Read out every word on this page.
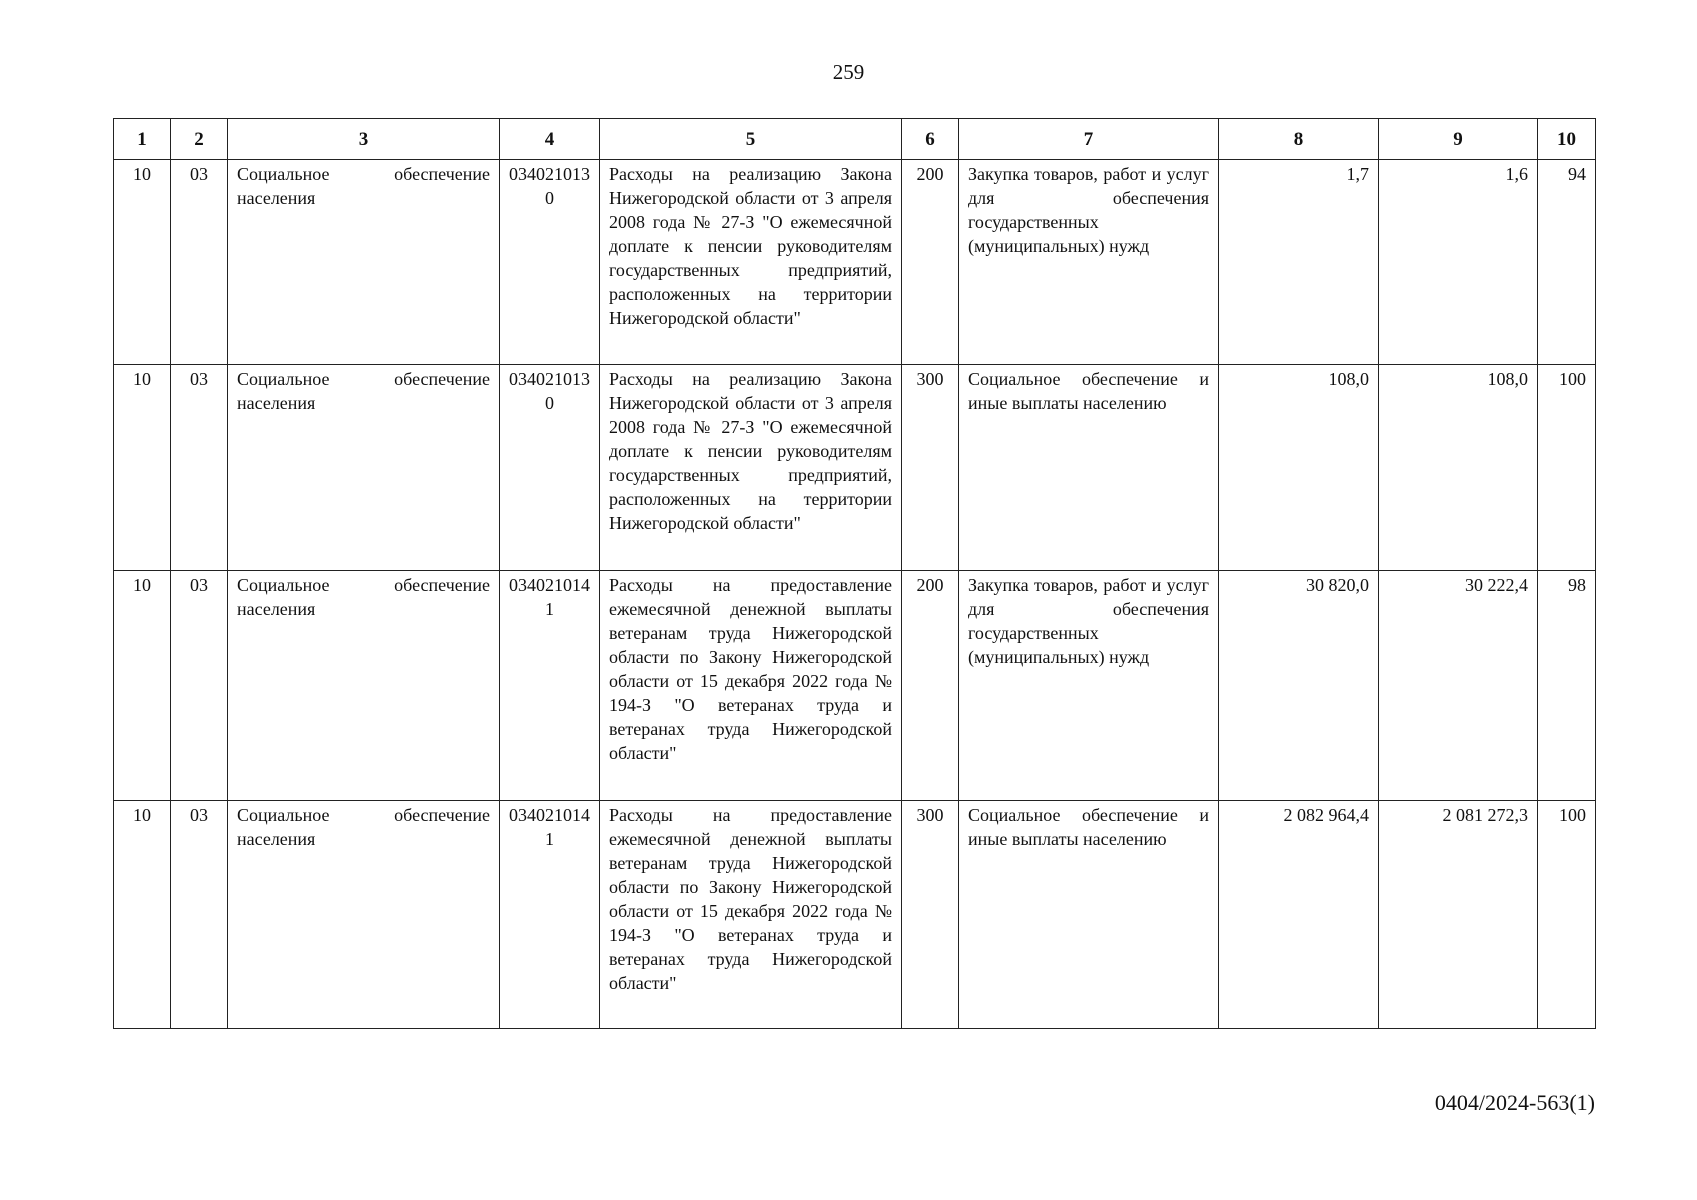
259
1	2	3	4	5	6	7	8	9	10
10	03	Социальное обеспечение населения	0340210130	Расходы на реализацию Закона Нижегородской области от 3 апреля 2008 года № 27-З "О ежемесячной доплате к пенсии руководителям государственных предприятий, расположенных на территории Нижегородской области"	200	Закупка товаров, работ и услуг для обеспечения государственных (муниципальных) нужд	1,7	1,6	94
10	03	Социальное обеспечение населения	0340210130	Расходы на реализацию Закона Нижегородской области от 3 апреля 2008 года № 27-З "О ежемесячной доплате к пенсии руководителям государственных предприятий, расположенных на территории Нижегородской области"	300	Социальное обеспечение и иные выплаты населению	108,0	108,0	100
10	03	Социальное обеспечение населения	0340210141	Расходы на предоставление ежемесячной денежной выплаты ветеранам труда Нижегородской области по Закону Нижегородской области от 15 декабря 2022 года № 194-З "О ветеранах труда и ветеранах труда Нижегородской области"	200	Закупка товаров, работ и услуг для обеспечения государственных (муниципальных) нужд	30 820,0	30 222,4	98
10	03	Социальное обеспечение населения	0340210141	Расходы на предоставление ежемесячной денежной выплаты ветеранам труда Нижегородской области по Закону Нижегородской области от 15 декабря 2022 года № 194-З "О ветеранах труда и ветеранах труда Нижегородской области"	300	Социальное обеспечение и иные выплаты населению	2 082 964,4	2 081 272,3	100
0404/2024-563(1)
